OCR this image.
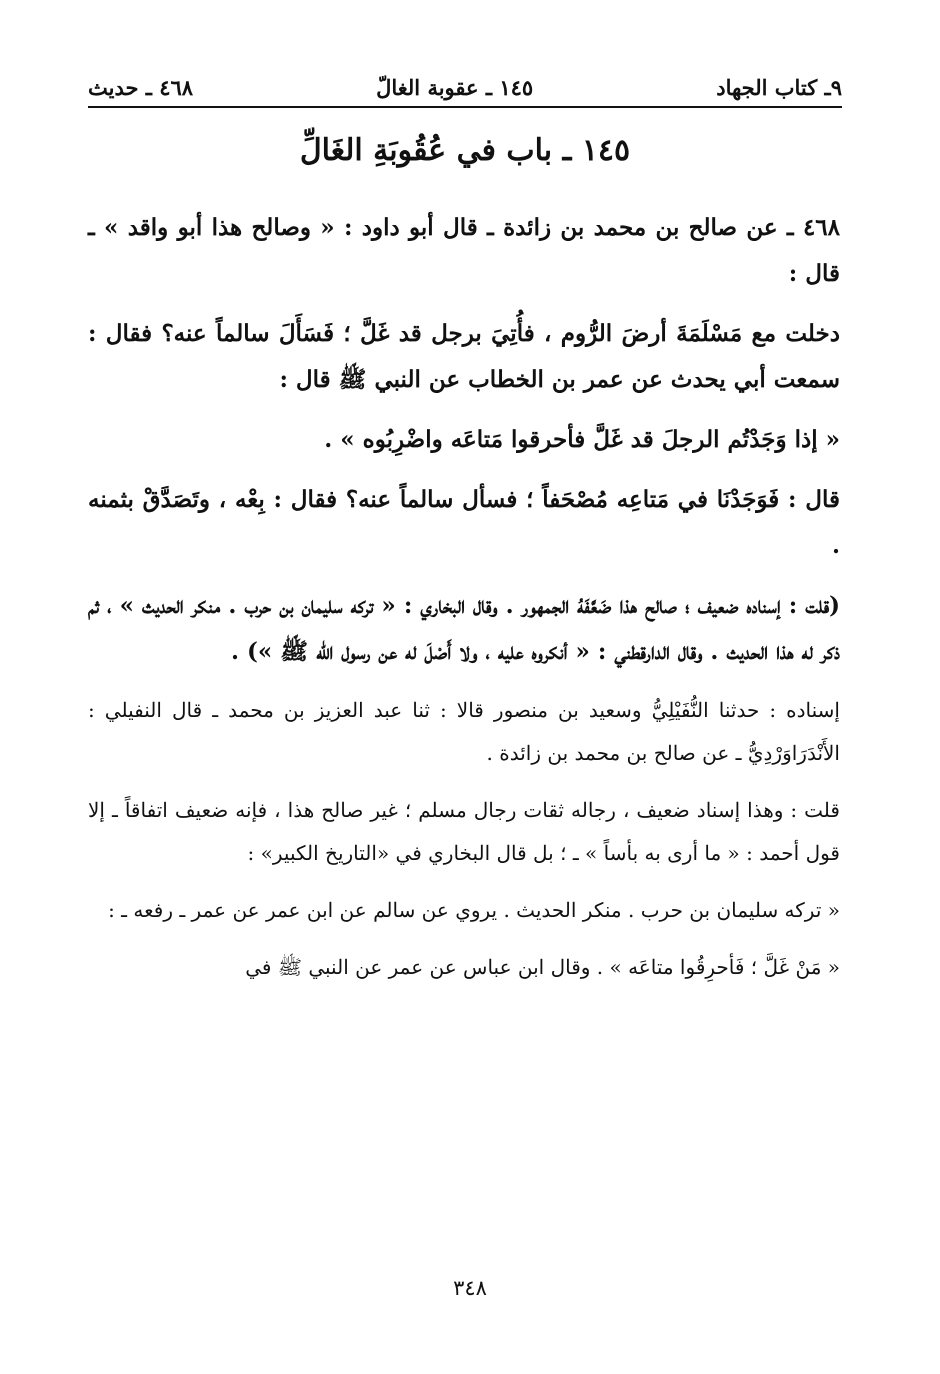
٩ـ كتاب الجهاد
١٤٥ ـ عقوبة الغالّ
٤٦٨ ـ حديث
١٤٥ ـ باب في عُقُوبَةِ الغَالِّ

٤٦٨ ـ عن صالح بن محمد بن زائدة ـ قال أبو داود : « وصالح هذا أبو واقد » ـ قال :

دخلت مع مَسْلَمَةَ أرضَ الرُّوم ، فأُتِيَ برجل قد غَلَّ ؛ فَسَأَلَ سالماً عنه؟ فقال : سمعت أبي يحدث عن عمر بن الخطاب عن النبي ﷺ قال :

« إذا وَجَدْتُم الرجلَ قد غَلَّ فأحرقوا مَتاعَه واضْرِبُوه » .

قال : فَوَجَدْنَا في مَتاعِه مُصْحَفاً ؛ فسأل سالماً عنه؟ فقال : بِعْه ، وتَصَدَّقْ بثمنه .

(قلت : إسناده ضعيف ؛ صالح هذا ضَعَّفَهُ الجمهور . وقال البخاري : « تركه سليمان بن حرب . منكر الحديث » ، ثم ذكر له هذا الحديث . وقال الدارقطني : « أنكروه عليه ، ولا أَصْلَ له عن رسول الله ﷺ ») .

إسناده : حدثنا النُّفَيْلِيُّ وسعيد بن منصور قالا : ثنا عبد العزيز بن محمد ـ قال النفيلي : الأَنْدَرَاوَرْدِيُّ ـ عن صالح بن محمد بن زائدة .

قلت : وهذا إسناد ضعيف ، رجاله ثقات رجال مسلم ؛ غير صالح هذا ، فإنه ضعيف اتفاقاً ـ إلا قول أحمد : « ما أرى به بأساً » ـ ؛ بل قال البخاري في «التاريخ الكبير» :

« تركه سليمان بن حرب . منكر الحديث . يروي عن سالم عن ابن عمر عن عمر ـ رفعه ـ :

« مَنْ غَلَّ ؛ فَأحرِقُوا متاعَه » . وقال ابن عباس عن عمر عن النبي ﷺ في

٣٤٨
